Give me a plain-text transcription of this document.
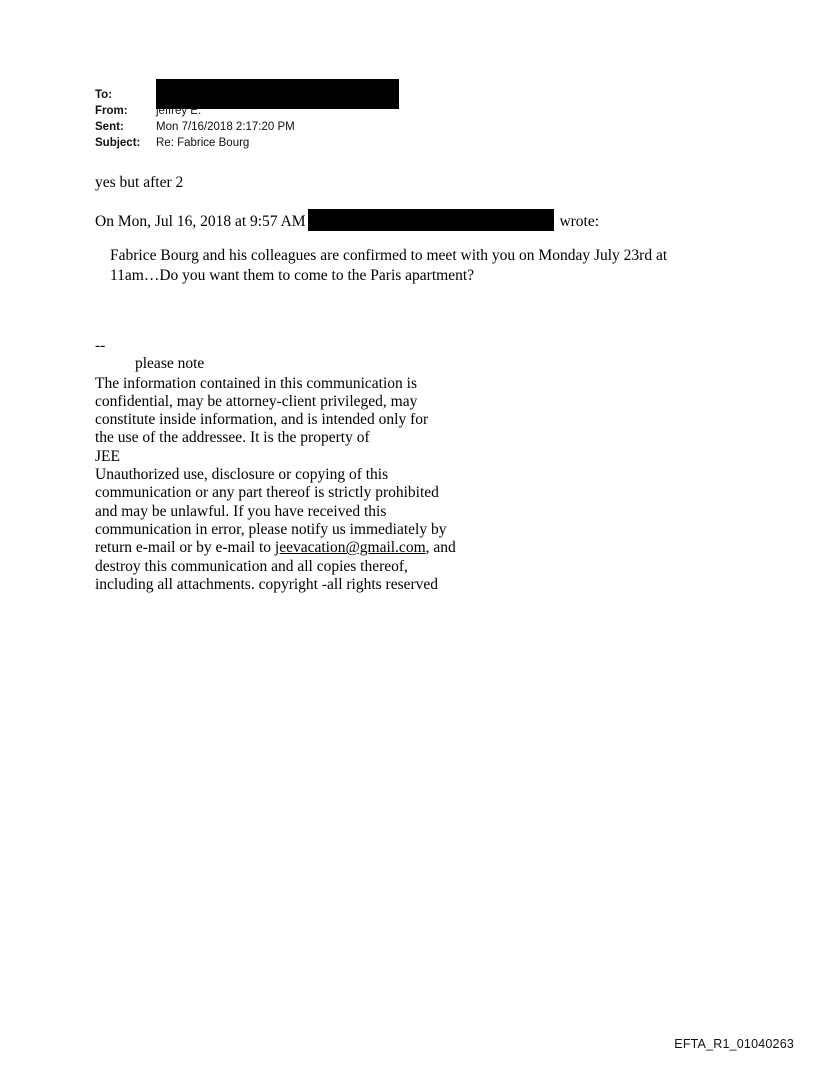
To:
From:	jeffrey E.
Sent:	Mon 7/16/2018 2:17:20 PM
Subject:	Re: Fabrice Bourg
yes but after 2
On Mon, Jul 16, 2018 at 9:57 AM	wrote:
Fabrice Bourg and his colleagues are confirmed to meet with you on Monday July 23rd at 11am…Do you want them to come to the Paris apartment?
--
please note

The information contained in this communication is

confidential, may be attorney-client privileged, may

constitute inside information, and is intended only for

the use of the addressee. It is the property of

JEE

Unauthorized use, disclosure or copying of this

communication or any part thereof is strictly prohibited

and may be unlawful. If you have received this

communication in error, please notify us immediately by

return e-mail or by e-mail to jeevacation@gmail.com, and

destroy this communication and all copies thereof,

including all attachments. copyright -all rights reserved

EFTA_R1_01040263
